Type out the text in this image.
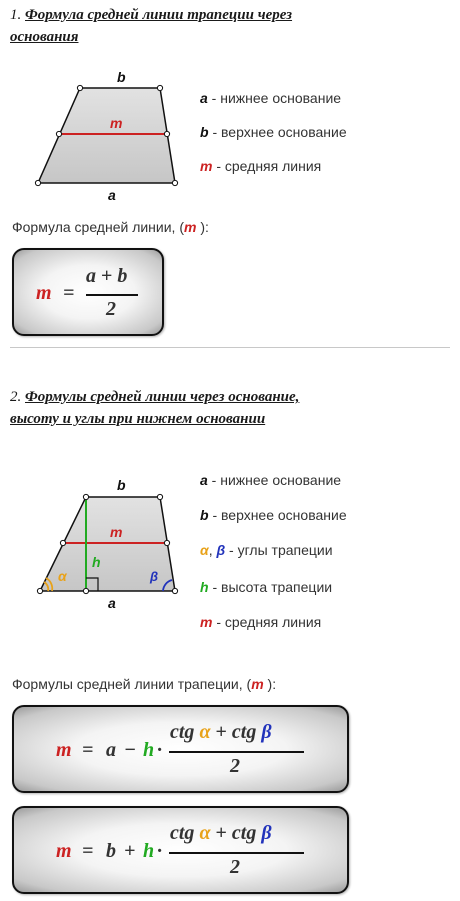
1. Формула средней линии трапеции через
основания
b
m
a
a - нижнее основание
b - верхнее основание
m - средняя линия
Формула средней линии, (m ):
m =
a + b
2
2. Формулы средней линии через основание,
высоту и углы при нижнем основании
b
m
h
α	β
a
a - нижнее основание
b - верхнее основание
α, β - углы трапеции
h - высота трапеции
m - средняя линия
Формулы средней линии трапеции, (m ):
m = a − h ·
ctg α + ctg β
2
m = b + h ·
ctg α + ctg β
2
